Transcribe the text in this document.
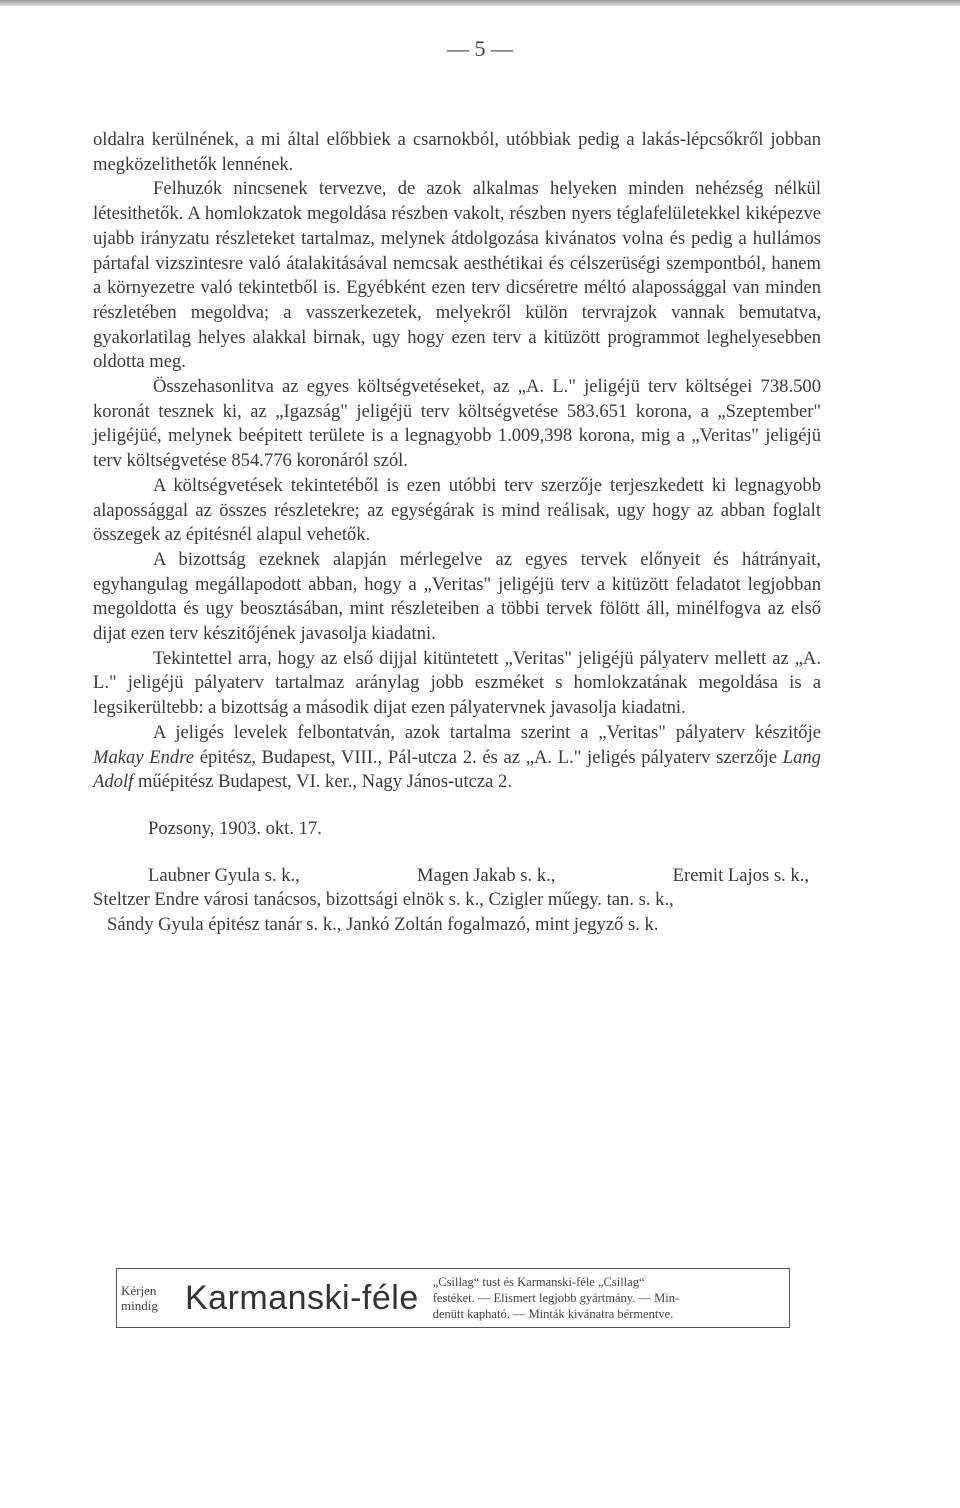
— 5 —

oldalra kerülnének, a mi által előbbiek a csarnokból, utóbbiak pedig a lakás-lépcsőkről jobban megközelithetők lennének.

Felhuzók nincsenek tervezve, de azok alkalmas helyeken minden nehézség nélkül létesithetők. A homlokzatok megoldása részben vakolt, részben nyers téglafelületekkel kiképezve ujabb irányzatu részleteket tartalmaz, melynek átdolgozása kivánatos volna és pedig a hullámos pártafal vizszintesre való átalakitásával nemcsak aesthétikai és célszerüségi szempontból, hanem a környezetre való tekintetből is. Egyébként ezen terv dicséretre méltó alapossággal van minden részletében megoldva; a vasszerkezetek, melyekről külön tervrajzok vannak bemutatva, gyakorlatilag helyes alakkal birnak, ugy hogy ezen terv a kitüzött programmot leghelyesebben oldotta meg.

Összehasonlitva az egyes költségvetéseket, az „A. L." jeligéjü terv költségei 738.500 koronát tesznek ki, az „Igazság" jeligéjü terv költségvetése 583.651 korona, a „Szeptember" jeligéjüé, melynek beépitett területe is a legnagyobb 1.009,398 korona, mig a „Veritas" jeligéjü terv költségvetése 854.776 koronáról szól.

A költségvetések tekintetéből is ezen utóbbi terv szerzője terjeszkedett ki legnagyobb alapossággal az összes részletekre; az egységárak is mind reálisak, ugy hogy az abban foglalt összegek az épitésnél alapul vehetők.

A bizottság ezeknek alapján mérlegelve az egyes tervek előnyeit és hátrányait, egyhangulag megállapodott abban, hogy a „Veritas" jeligéjü terv a kitüzött feladatot legjobban megoldotta és ugy beosztásában, mint részleteiben a többi tervek fölött áll, minélfogva az első dijat ezen terv készitőjének javasolja kiadatni.

Tekintettel arra, hogy az első dijjal kitüntetett „Veritas" jeligéjü pályaterv mellett az „A. L." jeligéjü pályaterv tartalmaz aránylag jobb eszméket s homlokzatának megoldása is a legsikerültebb: a bizottság a második dijat ezen pályatervnek javasolja kiadatni.

A jeligés levelek felbontatván, azok tartalma szerint a „Veritas" pályaterv készitője Makay Endre épitész, Budapest, VIII., Pál-utcza 2. és az „A. L." jeligés pályaterv szerzője Lang Adolf műépitész Budapest, VI. ker., Nagy János-utcza 2.

Pozsony, 1903. okt. 17.

Laubner Gyula s. k.,	Magen Jakab s. k.,	Eremit Lajos s. k.,

Steltzer Endre városi tanácsos, bizottsági elnök s. k., Czigler műegy. tan. s. k.,

Sándy Gyula épitész tanár s. k., Jankó Zoltán fogalmazó, mint jegyző s. k.

Kérjen
mindig Karmanski-féle	„Csillag“ tust és Karmanski-féle „Csillag“
festéket. — Elismert legjobb gyártmány. — Min-
denütt kapható. — Minták kivánatra bérmentve.
